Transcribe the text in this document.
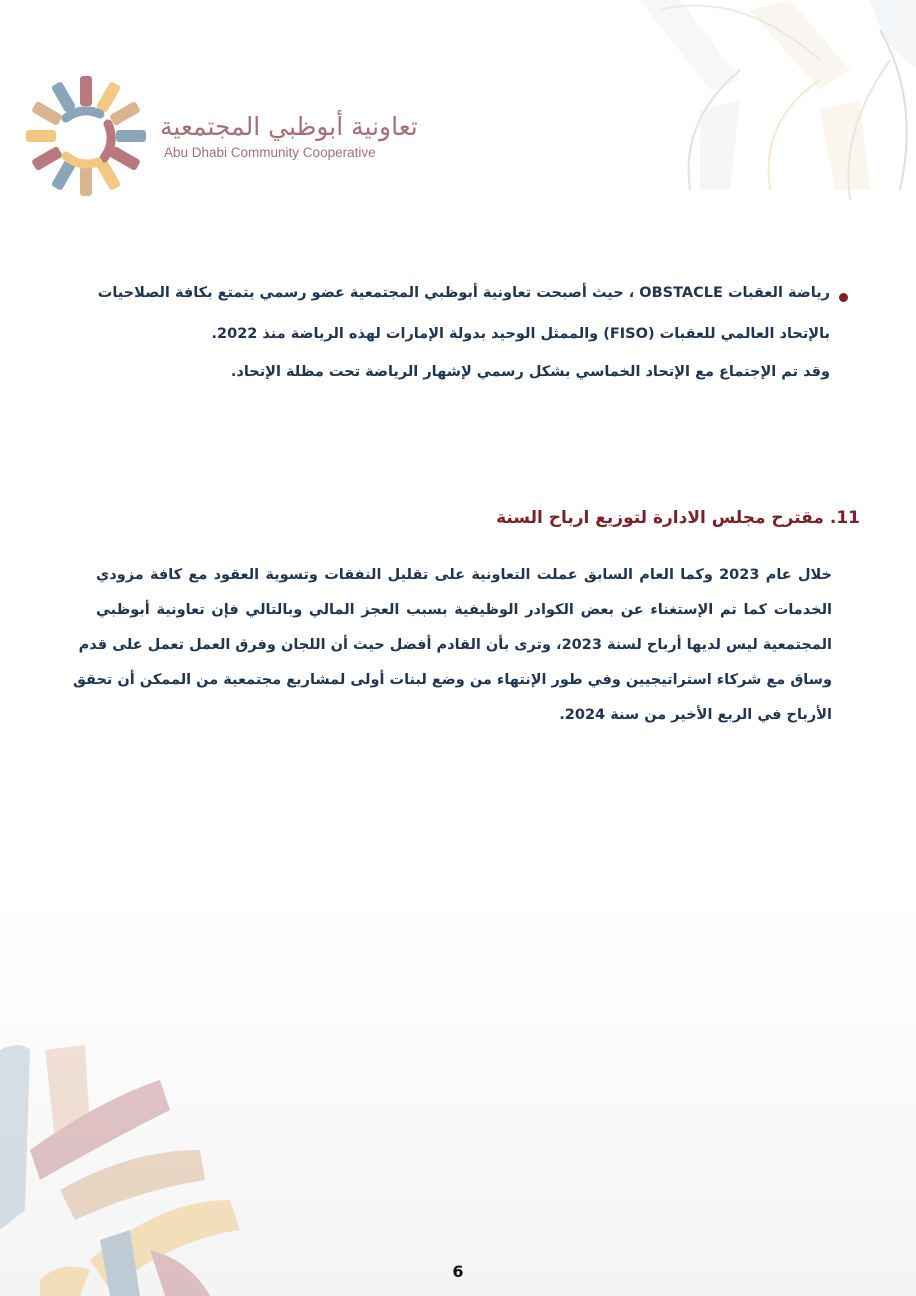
تعاونية أبوظبي المجتمعية
Abu Dhabi Community Cooperative
رياضة العقبات OBSTACLE ، حيث أصبحت تعاونية أبوظبي المجتمعية عضو رسمي يتمتع بكافة الصلاحيات
بالإتحاد العالمي للعقبات (FISO) والممثل الوحيد بدولة الإمارات لهذه الرياضة منذ 2022.
وقد تم الإجتماع مع الإتحاد الخماسي بشكل رسمي لإشهار الرياضة تحت مظلة الإتحاد.
11. مقترح مجلس الادارة لتوزيع ارباح السنة
خلال عام 2023 وكما العام السابق عملت التعاونية على تقليل النفقات وتسوية العقود مع كافة مزودي
الخدمات كما تم الإستغناء عن بعض الكوادر الوظيفية بسبب العجز المالي وبالتالي فإن تعاونية أبوظبي
المجتمعية ليس لديها أرباح لسنة 2023، وترى بأن القادم أفضل حيث أن اللجان وفرق العمل تعمل على قدم
وساق مع شركاء استراتيجيين وفي طور الإنتهاء من وضع لبنات أولى لمشاريع مجتمعية من الممكن أن تحقق
الأرباح في الربع الأخير من سنة 2024.
6
